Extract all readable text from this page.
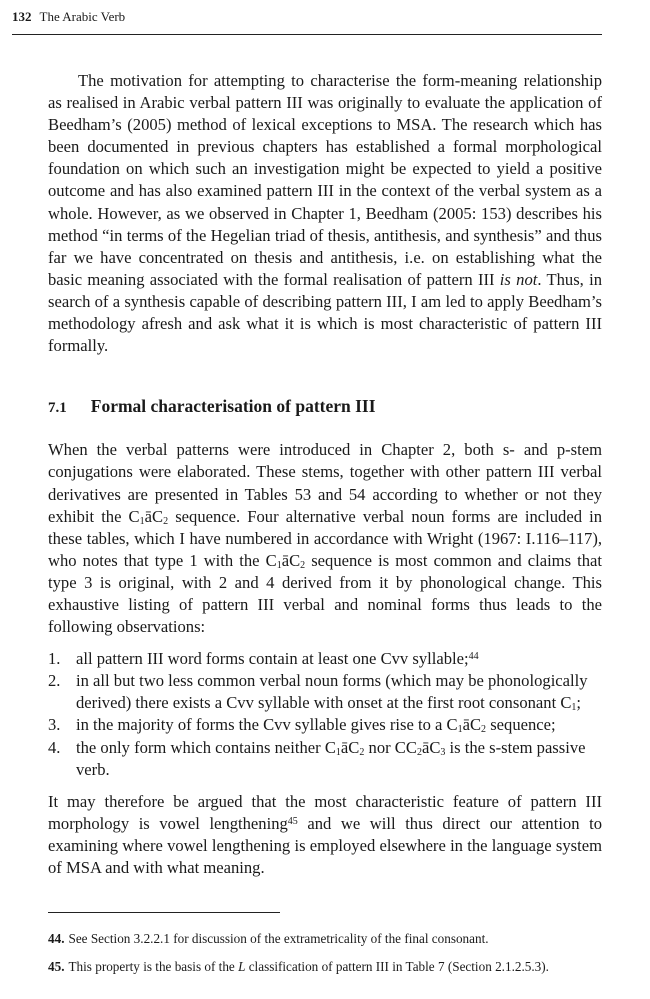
132 The Arabic Verb

The motivation for attempting to characterise the form-meaning relationship as realised in Arabic verbal pattern III was originally to evaluate the application of Beedham’s (2005) method of lexical exceptions to MSA. The research which has been documented in previous chapters has established a formal morphological foundation on which such an investigation might be expected to yield a positive outcome and has also examined pattern III in the context of the verbal system as a whole. However, as we observed in Chapter 1, Beedham (2005: 153) describes his method “in terms of the Hegelian triad of thesis, antithesis, and synthesis” and thus far we have concentrated on thesis and antithesis, i.e. on establishing what the basic meaning associated with the formal realisation of pattern III is not. Thus, in search of a synthesis capable of describing pattern III, I am led to apply Beedham’s methodology afresh and ask what it is which is most characteristic of pattern III formally.

7.1 Formal characterisation of pattern III

When the verbal patterns were introduced in Chapter 2, both s- and p-stem conjugations were elaborated. These stems, together with other pattern III verbal derivatives are presented in Tables 53 and 54 according to whether or not they exhibit the $C_1āC_2$ sequence. Four alternative verbal noun forms are included in these tables, which I have numbered in accordance with Wright (1967: I.116–117), who notes that type 1 with the $C_1āC_2$ sequence is most common and claims that type 3 is original, with 2 and 4 derived from it by phonological change. This exhaustive listing of pattern III verbal and nominal forms thus leads to the following observations:

1. all pattern III word forms contain at least one Cvv syllable;$^{44}$
2. in all but two less common verbal noun forms (which may be phonologically derived) there exists a Cvv syllable with onset at the first root consonant $C_1$;
3. in the majority of forms the Cvv syllable gives rise to a $C_1āC_2$ sequence;
4. the only form which contains neither $C_1āC_2$ nor $CC_2āC_3$ is the s-stem passive verb.

It may therefore be argued that the most characteristic feature of pattern III morphology is vowel lengthening$^{45}$ and we will thus direct our attention to examining where vowel lengthening is employed elsewhere in the language system of MSA and with what meaning.

44. See Section 3.2.2.1 for discussion of the extrametricality of the final consonant.
45. This property is the basis of the L classification of pattern III in Table 7 (Section 2.1.2.5.3).
